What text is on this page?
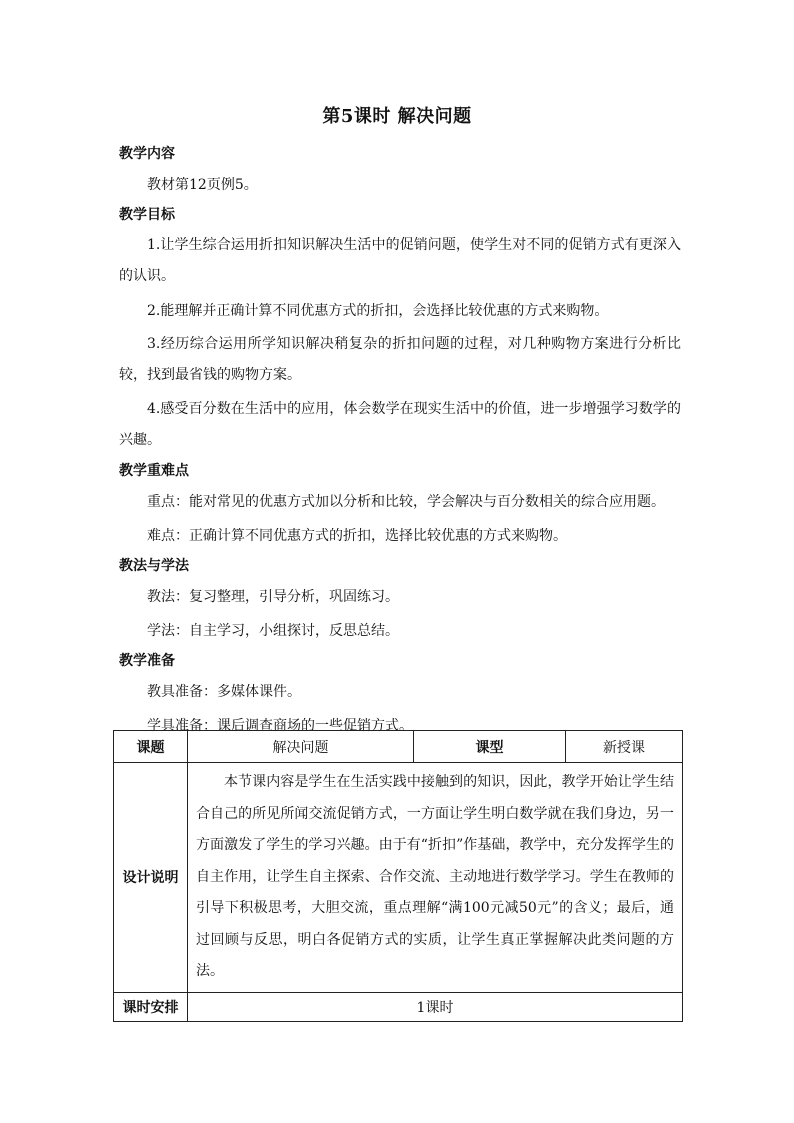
第5课时 解决问题
教学内容

教材第12页例5。

教学目标

1.让学生综合运用折扣知识解决生活中的促销问题，使学生对不同的促销方式有更深入的认识。

2.能理解并正确计算不同优惠方式的折扣，会选择比较优惠的方式来购物。

3.经历综合运用所学知识解决稍复杂的折扣问题的过程，对几种购物方案进行分析比较，找到最省钱的购物方案。

4.感受百分数在生活中的应用，体会数学在现实生活中的价值，进一步增强学习数学的兴趣。

教学重难点

重点：能对常见的优惠方式加以分析和比较，学会解决与百分数相关的综合应用题。

难点：正确计算不同优惠方式的折扣，选择比较优惠的方式来购物。

教法与学法

教法：复习整理，引导分析，巩固练习。

学法：自主学习，小组探讨，反思总结。

教学准备

教具准备：多媒体课件。

学具准备：课后调查商场的一些促销方式。

课题	解决问题	课型	新授课
设计说明	本节课内容是学生在生活实践中接触到的知识，因此，教学开始让学生结合自己的所见所闻交流促销方式，一方面让学生明白数学就在我们身边，另一方面激发了学生的学习兴趣。由于有“折扣”作基础，教学中，充分发挥学生的自主作用，让学生自主探索、合作交流、主动地进行数学学习。学生在教师的引导下积极思考，大胆交流，重点理解“满100元减50元”的含义；最后，通过回顾与反思，明白各促销方式的实质，让学生真正掌握解决此类问题的方法。		
课时安排	1课时		
